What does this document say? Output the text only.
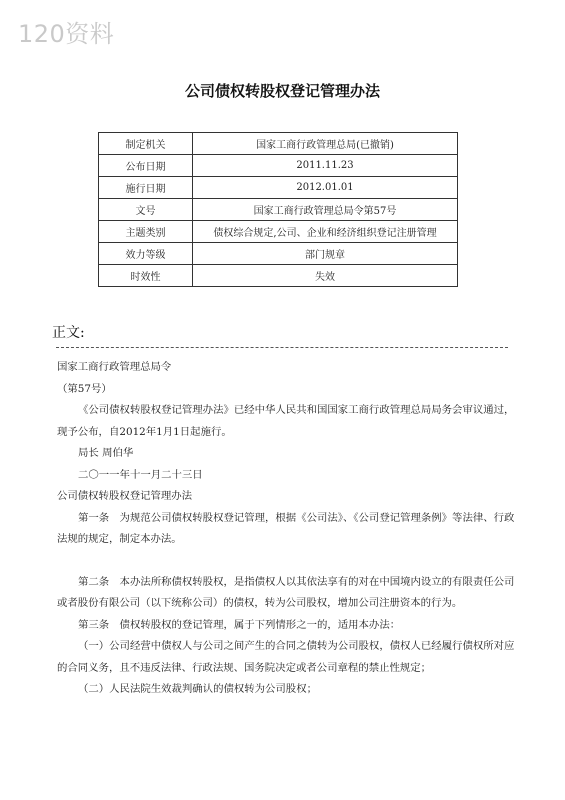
120资料
公司债权转股权登记管理办法
制定机关	国家工商行政管理总局(已撤销)
公布日期	2011.11.23
施行日期	2012.01.01
文号	国家工商行政管理总局令第57号
主题类别	债权综合规定,公司、企业和经济组织登记注册管理
效力等级	部门规章
时效性	失效
正文:

国家工商行政管理总局令

（第57号）

《公司债权转股权登记管理办法》已经中华人民共和国国家工商行政管理总局局务会审议通过，现予公布，自2012年1月1日起施行。

局长 周伯华

二〇一一年十一月二十三日

公司债权转股权登记管理办法

第一条　为规范公司债权转股权登记管理，根据《公司法》、《公司登记管理条例》等法律、行政法规的规定，制定本办法。

第二条　本办法所称债权转股权，是指债权人以其依法享有的对在中国境内设立的有限责任公司或者股份有限公司（以下统称公司）的债权，转为公司股权，增加公司注册资本的行为。

第三条　债权转股权的登记管理，属于下列情形之一的，适用本办法：

（一）公司经营中债权人与公司之间产生的合同之债转为公司股权，债权人已经履行债权所对应的合同义务，且不违反法律、行政法规、国务院决定或者公司章程的禁止性规定；

（二）人民法院生效裁判确认的债权转为公司股权；
